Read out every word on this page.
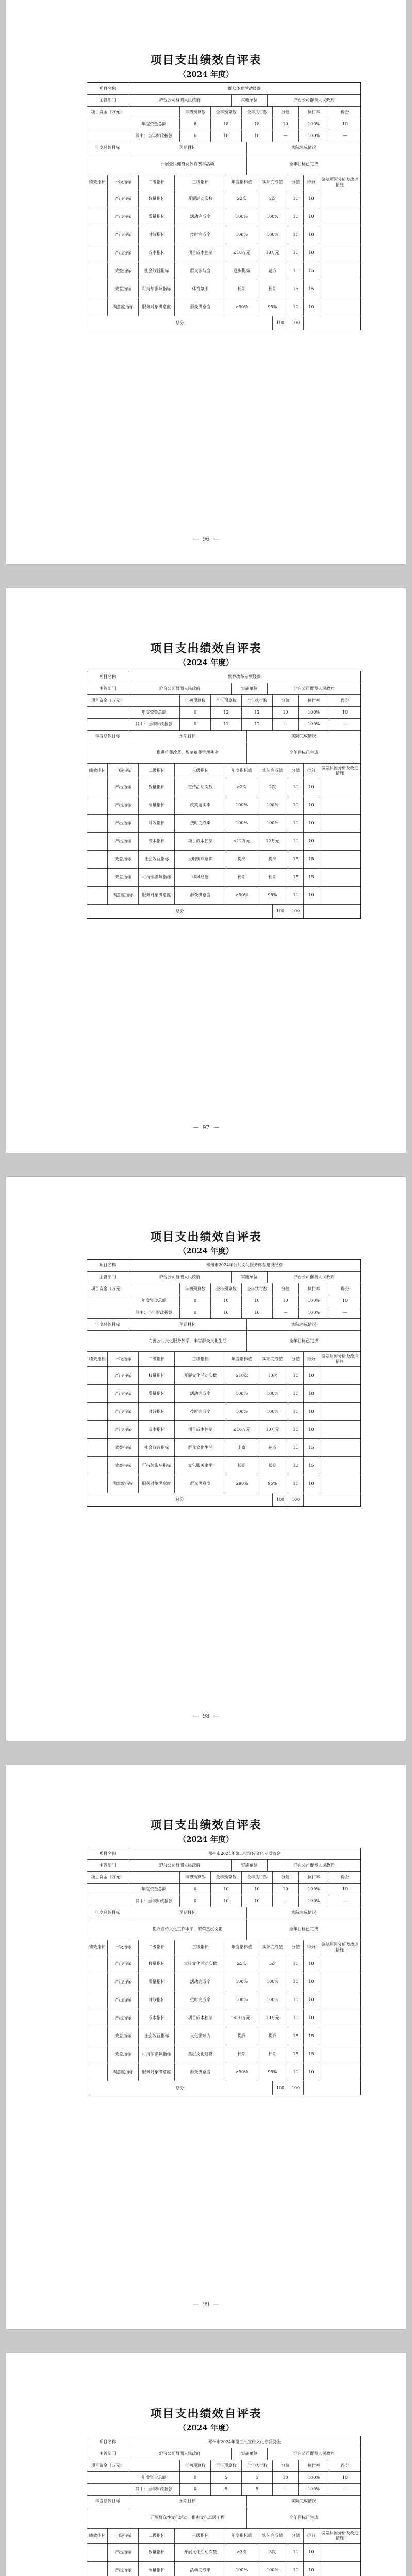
项目支出绩效自评表
（2024 年度）
项目名称	群众体育活动经费
主管部门	沪台公司群测人民政府	实施单位	沪台公司群测人民政府
项目资金（万元）	年初预算数	全年预算数	全年执行数	分值	执行率	得分
年度资金总额	6	18	18	10	100%	10
其中：当年财政拨款	6	18	18	—	100%	—
年度总体目标	预期目标	实际完成情况
开展全民健身及体育赛事活动	全年目标已完成
绩效指标	一级指标	二级指标	三级指标	年度指标值	实际完成值	分值	得分
偏差原因分析及改进措施
产出指标	数量指标	开展活动次数	≥2次	2次	10	10
产出指标	质量指标	活动完成率	100%	100%	10	10
产出指标	时效指标	按时完成率	100%	100%	10	10
产出指标	成本指标	项目成本控制	≤18万元	18万元	10	10
效益指标	社会效益指标	群众参与度	逐步提高	达成	15	15
效益指标	可持续影响指标	体育氛围	长期	长期	15	15
满意度指标	服务对象满意度	群众满意度	≥90%	95%	10	10
总分	100	100
— 96 —
项目支出绩效自评表
（2024 年度）
项目名称	殡葬改革专项经费
主管部门	沪台公司群测人民政府	实施单位	沪台公司群测人民政府
项目资金（万元）	年初预算数	全年预算数	全年执行数	分值	执行率	得分
年度资金总额	0	12	12	10	100%	10
其中：当年财政拨款	0	12	12	—	100%	—
年度总体目标	预期目标	实际完成情况
推进殡葬改革，规范殡葬管理秩序	全年目标已完成
绩效指标	一级指标	二级指标	三级指标	年度指标值	实际完成值	分值	得分
偏差原因分析及改进措施
产出指标	数量指标	宣传活动次数	≥2次	2次	10	10
产出指标	质量指标	政策落实率	100%	100%	10	10
产出指标	时效指标	按时完成率	100%	100%	10	10
产出指标	成本指标	项目成本控制	≤12万元	12万元	10	10
效益指标	社会效益指标	文明殡葬意识	提高	提高	15	15
效益指标	可持续影响指标	移风易俗	长期	长期	15	15
满意度指标	服务对象满意度	群众满意度	≥90%	95%	10	10
总分	100	100
— 97 —
项目支出绩效自评表
（2024 年度）
项目名称	郑州市2024年公共文化服务体系建设经费
主管部门	沪台公司群测人民政府	实施单位	沪台公司群测人民政府
项目资金（万元）	年初预算数	全年预算数	全年执行数	分值	执行率	得分
年度资金总额	0	10	10	10	100%	10
其中：当年财政拨款	0	10	10	—	100%	—
年度总体目标	预期目标	实际完成情况
完善公共文化服务体系，丰富群众文化生活	全年目标已完成
绩效指标	一级指标	二级指标	三级指标	年度指标值	实际完成值	分值	得分
偏差原因分析及改进措施
产出指标	数量指标	开展文化活动次数	≥10次	10次	10	10
产出指标	质量指标	活动完成率	100%	100%	10	10
产出指标	时效指标	按时完成率	100%	100%	10	10
产出指标	成本指标	项目成本控制	≤10万元	10万元	10	10
效益指标	社会效益指标	群众文化生活	丰富	达成	15	15
效益指标	可持续影响指标	文化服务水平	长期	长期	15	15
满意度指标	服务对象满意度	群众满意度	≥90%	95%	10	10
总分	100	100
— 98 —
项目支出绩效自评表
（2024 年度）
项目名称	郑州市2024年第二批宣传文化专项资金
主管部门	沪台公司群测人民政府	实施单位	沪台公司群测人民政府
项目资金（万元）	年初预算数	全年预算数	全年执行数	分值	执行率	得分
年度资金总额	0	10	10	10	100%	10
其中：当年财政拨款	0	10	10	—	100%	—
年度总体目标	预期目标	实际完成情况
提升宣传文化工作水平，繁荣基层文化	全年目标已完成
绩效指标	一级指标	二级指标	三级指标	年度指标值	实际完成值	分值	得分
偏差原因分析及改进措施
产出指标	数量指标	宣传文化活动次数	≥5次	5次	10	10
产出指标	质量指标	活动完成率	100%	100%	10	10
产出指标	时效指标	按时完成率	100%	100%	10	10
产出指标	成本指标	项目成本控制	≤10万元	10万元	10	10
效益指标	社会效益指标	文化影响力	提升	提升	15	15
效益指标	可持续影响指标	基层文化建设	长期	长期	15	15
满意度指标	服务对象满意度	群众满意度	≥90%	95%	10	10
总分	100	100
— 99 —
项目支出绩效自评表
（2024 年度）
项目名称	郑州市2024年第三批宣传文化专项资金
主管部门	沪台公司群测人民政府	实施单位	沪台公司群测人民政府
项目资金（万元）	年初预算数	全年预算数	全年执行数	分值	执行率	得分
年度资金总额	0	5	5	10	100%	10
其中：当年财政拨款	0	5	5	—	100%	—
年度总体目标	预期目标	实际完成情况
开展群众性文化活动，推进文化惠民工程	全年目标已完成
绩效指标	一级指标	二级指标	三级指标	年度指标值	实际完成值	分值	得分
偏差原因分析及改进措施
产出指标	数量指标	开展文化活动次数	≥3次	3次	10	10
产出指标	质量指标	活动完成率	100%	100%	10	10
